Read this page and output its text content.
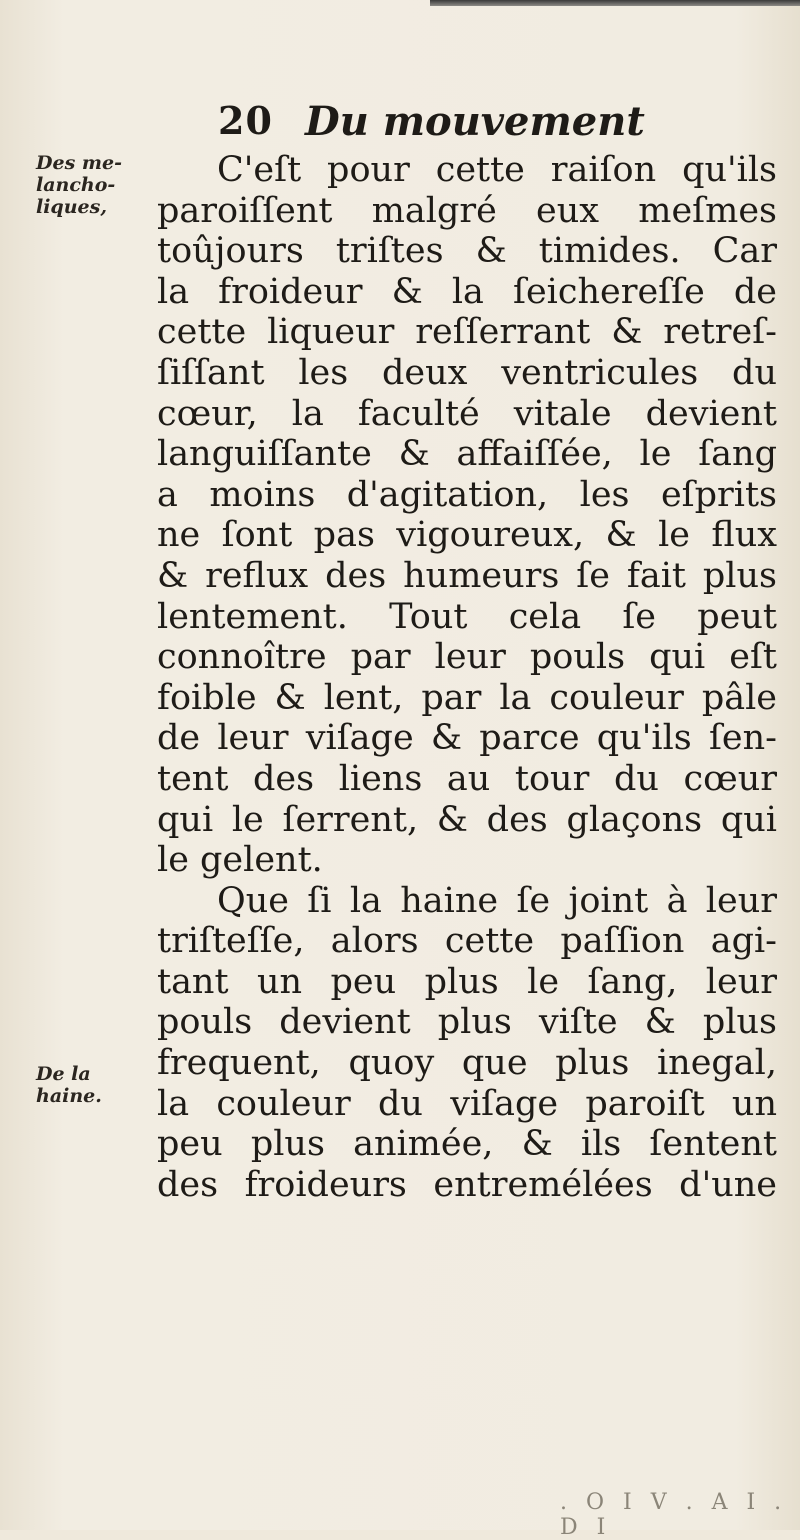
20 Du mouvement
Des me-
lancho-
liques,
De la
haine.
C'eſt pour cette raiſon qu'ils
paroiſſent malgré eux meſmes
toûjours triſtes & timides. Car
la froideur & la ſeichereſſe de
cette liqueur reſſerrant & retreſ-
ſiſſant les deux ventricules du
cœur, la faculté vitale devient
languiſſante & affaiſſée, le ſang
a moins d'agitation, les eſprits
ne ſont pas vigoureux, & le flux
& reflux des humeurs ſe fait plus
lentement. Tout cela ſe peut
connoître par leur pouls qui eſt
foible & lent, par la couleur pâle
de leur viſage & parce qu'ils ſen-
tent des liens au tour du cœur
qui le ſerrent, & des glaçons qui
le gelent.
Que ſi la haine ſe joint à leur
triſteſſe, alors cette paſſion agi-
tant un peu plus le ſang, leur
pouls devient plus viſte & plus
frequent, quoy que plus inegal,
la couleur du viſage paroiſt un
peu plus animée, & ils ſentent
des froideurs entremélées d'une
. O I V . A I . D I
